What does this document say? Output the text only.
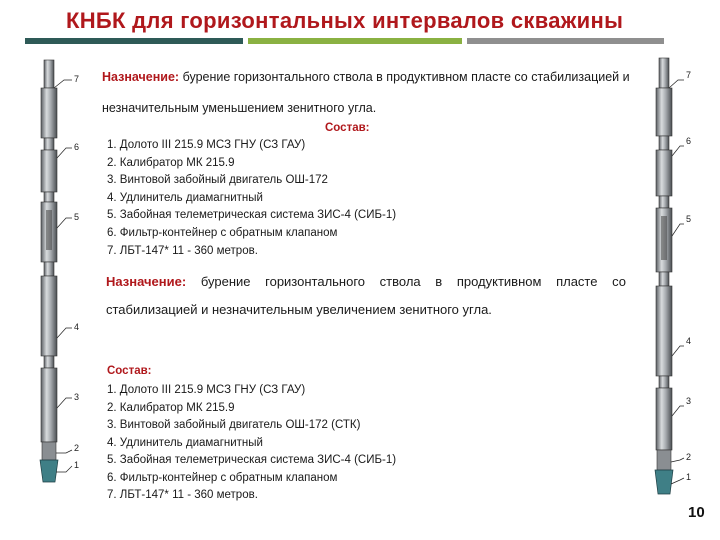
КНБК для горизонтальных интервалов скважины
7
6
5
4
3
2
1
7
6
5
4
3
2
1
Назначение: бурение горизонтального ствола в продуктивном пласте со стабилизацией и незначительным уменьшением зенитного угла.
Состав:
1. Долото III 215.9 МСЗ ГНУ (СЗ ГАУ)
2. Калибратор МК 215.9
3. Винтовой забойный двигатель ОШ-172
4. Удлинитель диамагнитный
5. Забойная телеметрическая система ЗИС-4 (СИБ-1)
6. Фильтр-контейнер с обратным клапаном
7. ЛБТ-147* 11 - 360 метров.
Назначение: бурение горизонтального ствола в продуктивном пласте со стабилизацией и незначительным увеличением зенитного угла.
Состав:
1. Долото III 215.9 МСЗ ГНУ (СЗ ГАУ)
2. Калибратор МК 215.9
3. Винтовой забойный двигатель ОШ-172 (СТК)
4. Удлинитель диамагнитный
5. Забойная телеметрическая система ЗИС-4 (СИБ-1)
6. Фильтр-контейнер с обратным клапаном
7. ЛБТ-147* 11 - 360 метров.
10
